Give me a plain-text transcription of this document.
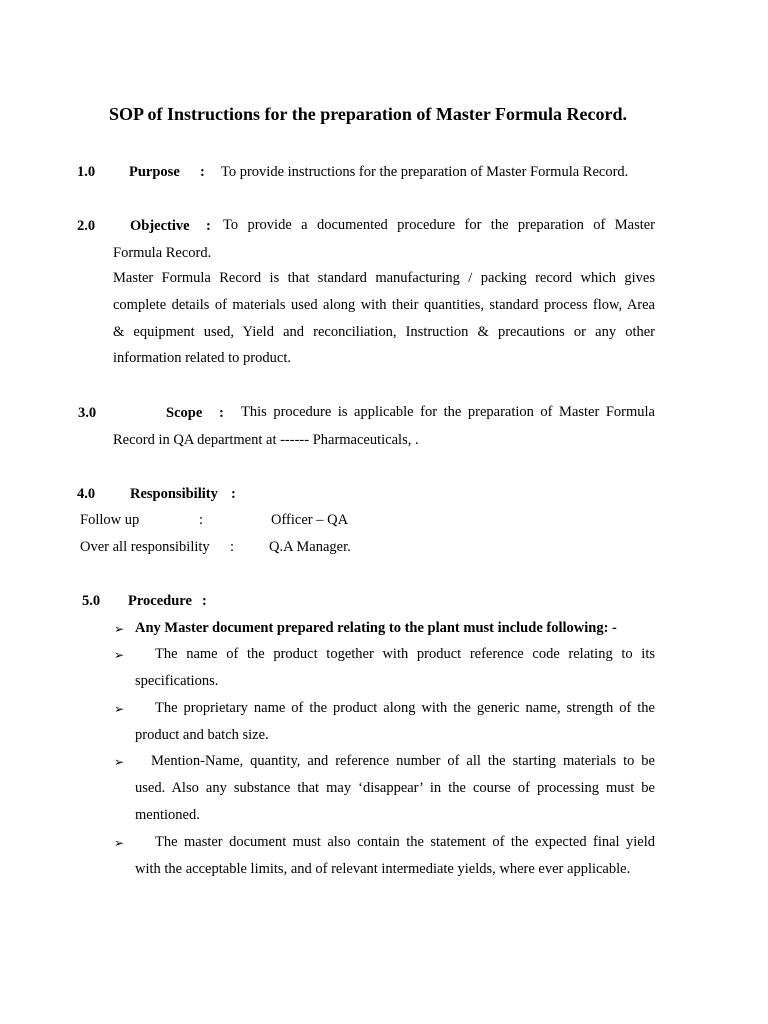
SOP of Instructions for the preparation of Master Formula Record.
1.0 Purpose : To provide instructions for the preparation of Master Formula Record.
2.0 Objective : To provide a documented procedure for the preparation of Master
Formula Record.
Master Formula Record is that standard manufacturing / packing record which gives
complete details of materials used along with their quantities, standard process flow, Area
& equipment used, Yield and reconciliation, Instruction & precautions or any other
information related to product.
3.0	Scope : This procedure is applicable for the preparation of Master Formula
Record in QA department at ------ Pharmaceuticals, .
4.0 Responsibility :
Follow up	:	Officer – QA
Over all responsibility : Q.A Manager.
5.0 Procedure :
➢ Any Master document prepared relating to the plant must include following: -
➢	The name of the product together with product reference code relating to its
specifications.
➢	The proprietary name of the product along with the generic name, strength of the
product and batch size.
➢	Mention-Name, quantity, and reference number of all the starting materials to be
used. Also any substance that may ‘disappear’ in the course of processing must be
mentioned.
➢	The master document must also contain the statement of the expected final yield
with the acceptable limits, and of relevant intermediate yields, where ever applicable.
